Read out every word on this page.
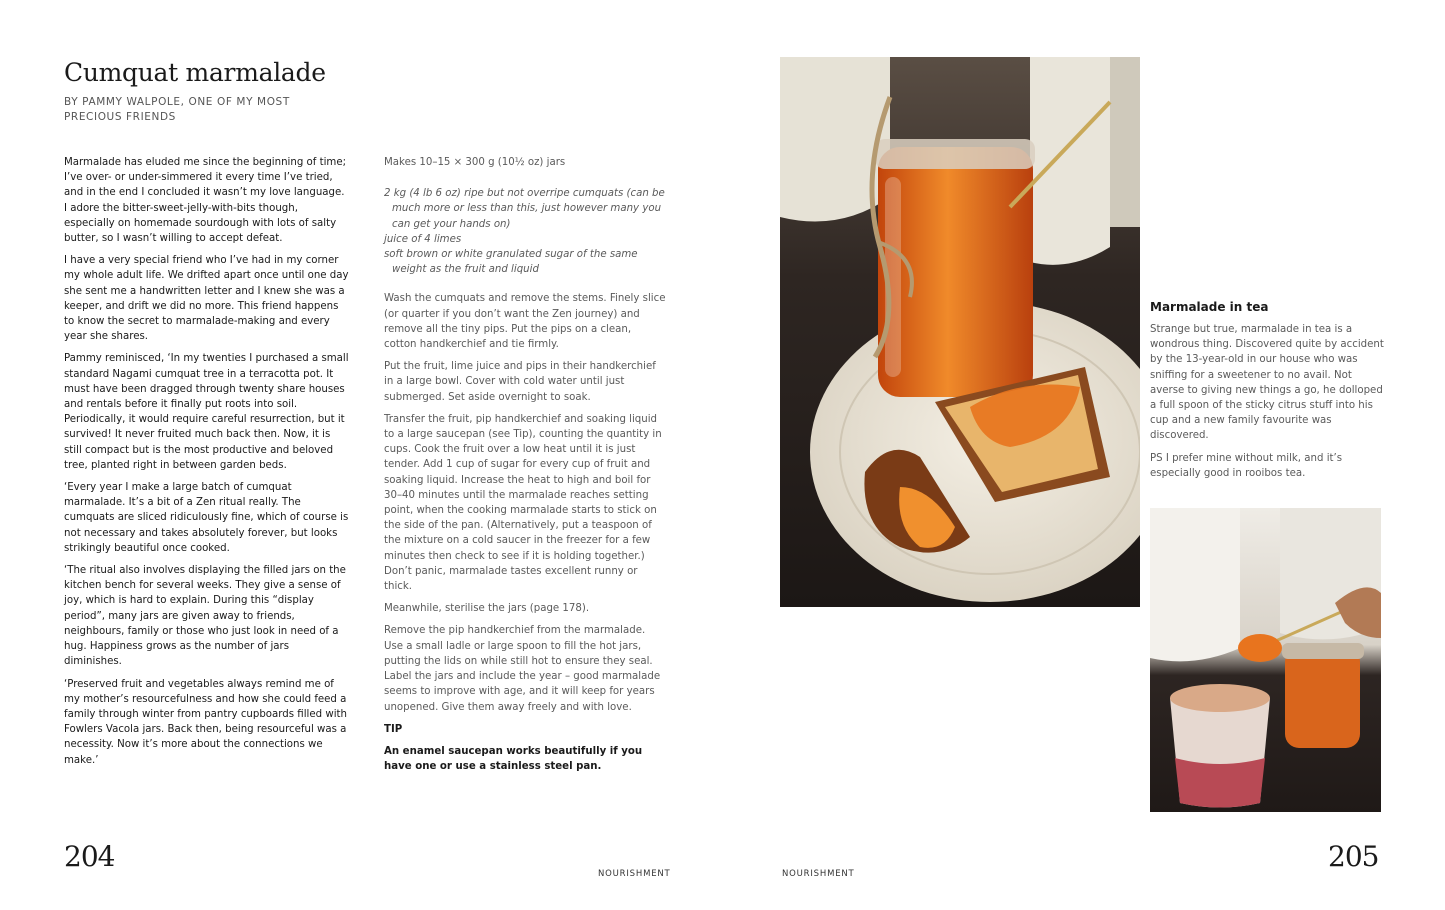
Cumquat marmalade
BY PAMMY WALPOLE, ONE OF MY MOST PRECIOUS FRIENDS

Marmalade has eluded me since the beginning of time; I’ve over- or under-simmered it every time I’ve tried, and in the end I concluded it wasn’t my love language. I adore the bitter-sweet-jelly-with-bits though, especially on homemade sourdough with lots of salty butter, so I wasn’t willing to accept defeat.

I have a very special friend who I’ve had in my corner my whole adult life. We drifted apart once until one day she sent me a handwritten letter and I knew she was a keeper, and drift we did no more. This friend happens to know the secret to marmalade-making and every year she shares.

Pammy reminisced, ‘In my twenties I purchased a small standard Nagami cumquat tree in a terracotta pot. It must have been dragged through twenty share houses and rentals before it finally put roots into soil. Periodically, it would require careful resurrection, but it survived! It never fruited much back then. Now, it is still compact but is the most productive and beloved tree, planted right in between garden beds.

‘Every year I make a large batch of cumquat marmalade. It’s a bit of a Zen ritual really. The cumquats are sliced ridiculously fine, which of course is not necessary and takes absolutely forever, but looks strikingly beautiful once cooked.

‘The ritual also involves displaying the filled jars on the kitchen bench for several weeks. They give a sense of joy, which is hard to explain. During this “display period”, many jars are given away to friends, neighbours, family or those who just look in need of a hug. Happiness grows as the number of jars diminishes.

‘Preserved fruit and vegetables always remind me of my mother’s resourcefulness and how she could feed a family through winter from pantry cupboards filled with Fowlers Vacola jars. Back then, being resourceful was a necessity. Now it’s more about the connections we make.’

Makes 10–15 × 300 g (10½ oz) jars

2 kg (4 lb 6 oz) ripe but not overripe cumquats (can be much more or less than this, just however many you can get your hands on)
juice of 4 limes
soft brown or white granulated sugar of the same weight as the fruit and liquid

Wash the cumquats and remove the stems. Finely slice (or quarter if you don’t want the Zen journey) and remove all the tiny pips. Put the pips on a clean, cotton handkerchief and tie firmly.

Put the fruit, lime juice and pips in their handkerchief in a large bowl. Cover with cold water until just submerged. Set aside overnight to soak.

Transfer the fruit, pip handkerchief and soaking liquid to a large saucepan (see Tip), counting the quantity in cups. Cook the fruit over a low heat until it is just tender. Add 1 cup of sugar for every cup of fruit and soaking liquid. Increase the heat to high and boil for 30–40 minutes until the marmalade reaches setting point, when the cooking marmalade starts to stick on the side of the pan. (Alternatively, put a teaspoon of the mixture on a cold saucer in the freezer for a few minutes then check to see if it is holding together.) Don’t panic, marmalade tastes excellent runny or thick.

Meanwhile, sterilise the jars (page 178).

Remove the pip handkerchief from the marmalade. Use a small ladle or large spoon to fill the hot jars, putting the lids on while still hot to ensure they seal. Label the jars and include the year – good marmalade seems to improve with age, and it will keep for years unopened. Give them away freely and with love.

TIP

An enamel saucepan works beautifully if you have one or use a stainless steel pan.

Marmalade in tea

Strange but true, marmalade in tea is a wondrous thing. Discovered quite by accident by the 13-year-old in our house who was sniffing for a sweetener to no avail. Not averse to giving new things a go, he dolloped a full spoon of the sticky citrus stuff into his cup and a new family favourite was discovered.

PS I prefer mine without milk, and it’s especially good in rooibos tea.

204
NOURISHMENT	NOURISHMENT
205
